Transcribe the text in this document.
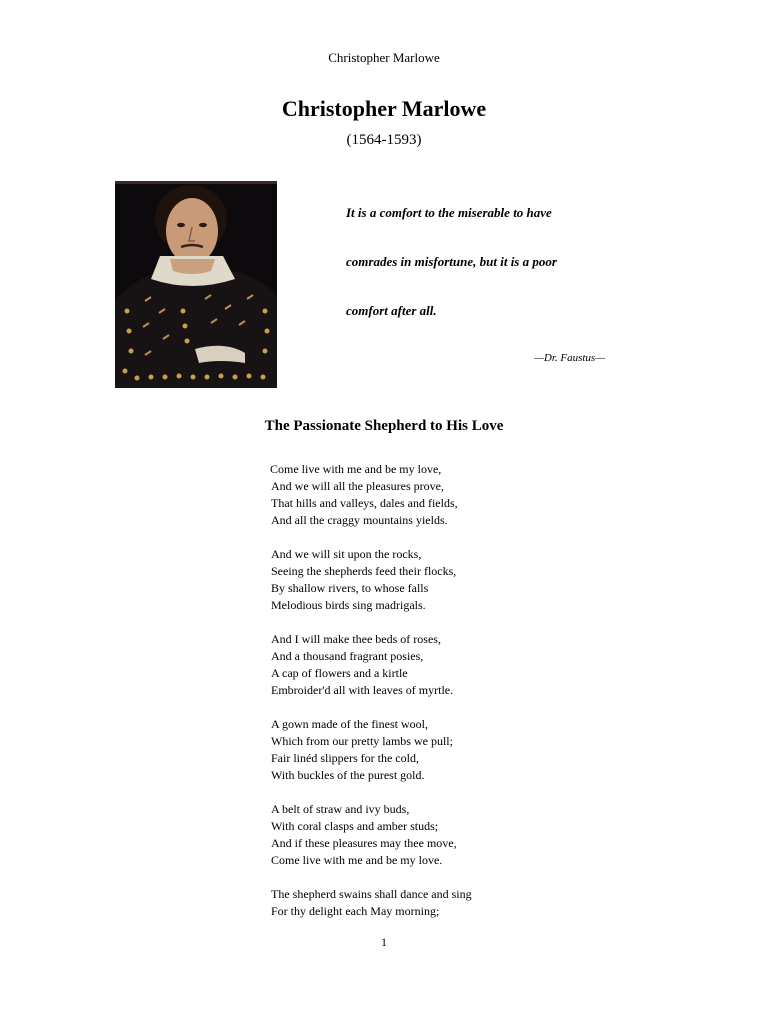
Christopher Marlowe
Christopher Marlowe
(1564-1593)
It is a comfort to the miserable to have
comrades in misfortune, but it is a poor
comfort after all.
—Dr. Faustus—
The Passionate Shepherd to His Love
Come live with me and be my love,
And we will all the pleasures prove,
That hills and valleys, dales and fields,
And all the craggy mountains yields.
And we will sit upon the rocks,
Seeing the shepherds feed their flocks,
By shallow rivers, to whose falls
Melodious birds sing madrigals.
And I will make thee beds of roses,
And a thousand fragrant posies,
A cap of flowers and a kirtle
Embroider'd all with leaves of myrtle.
A gown made of the finest wool,
Which from our pretty lambs we pull;
Fair linéd slippers for the cold,
With buckles of the purest gold.
A belt of straw and ivy buds,
With coral clasps and amber studs;
And if these pleasures may thee move,
Come live with me and be my love.
The shepherd swains shall dance and sing
For thy delight each May morning;
1
